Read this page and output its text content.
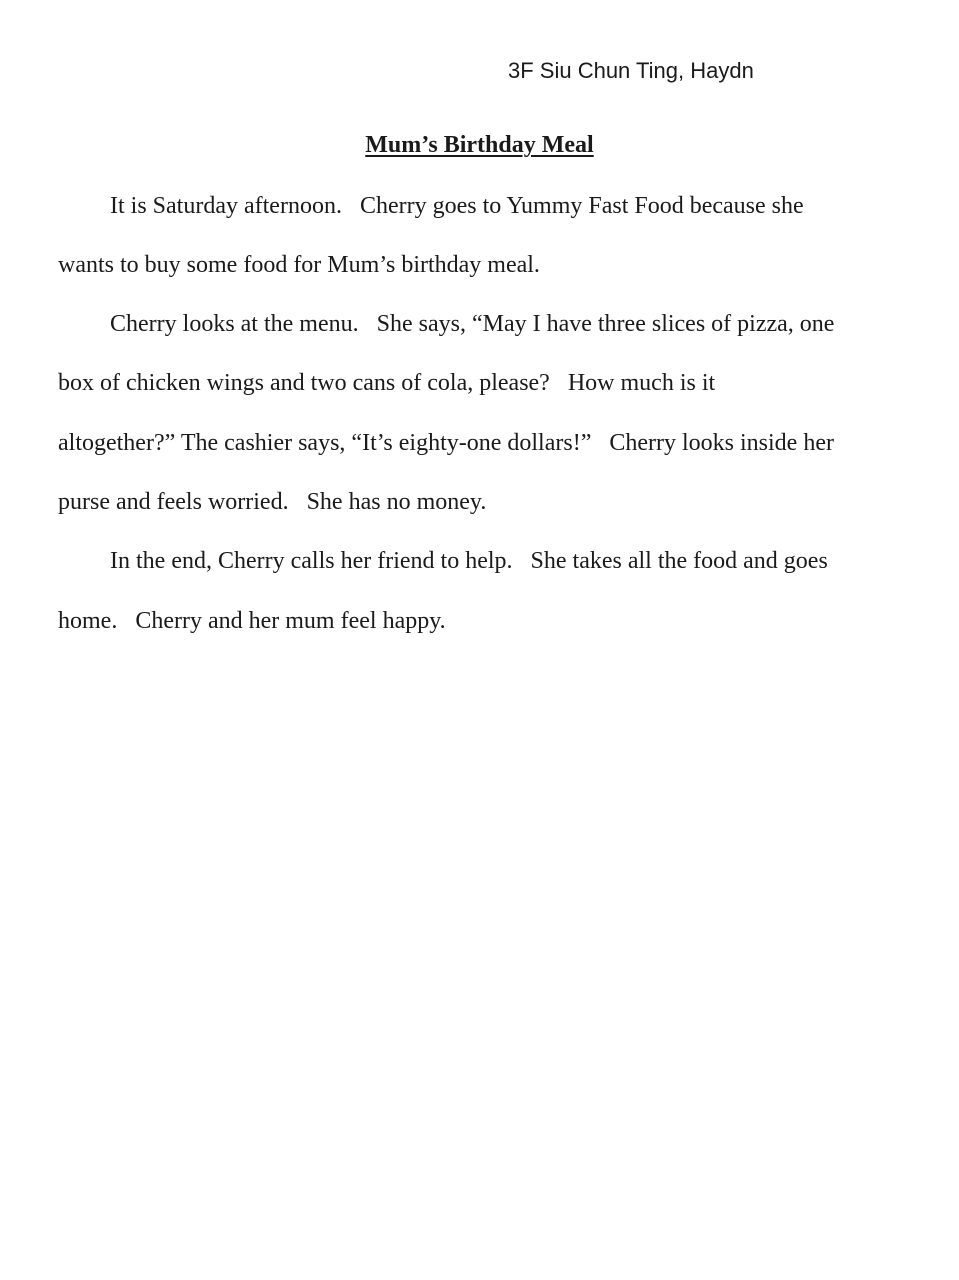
3F Siu Chun Ting, Haydn
Mum’s Birthday Meal
It is Saturday afternoon.   Cherry goes to Yummy Fast Food because she
wants to buy some food for Mum’s birthday meal.
Cherry looks at the menu.   She says, “May I have three slices of pizza, one
box of chicken wings and two cans of cola, please?   How much is it
altogether?” The cashier says, “It’s eighty-one dollars!”   Cherry looks inside her
purse and feels worried.   She has no money.
In the end, Cherry calls her friend to help.   She takes all the food and goes
home.   Cherry and her mum feel happy.
